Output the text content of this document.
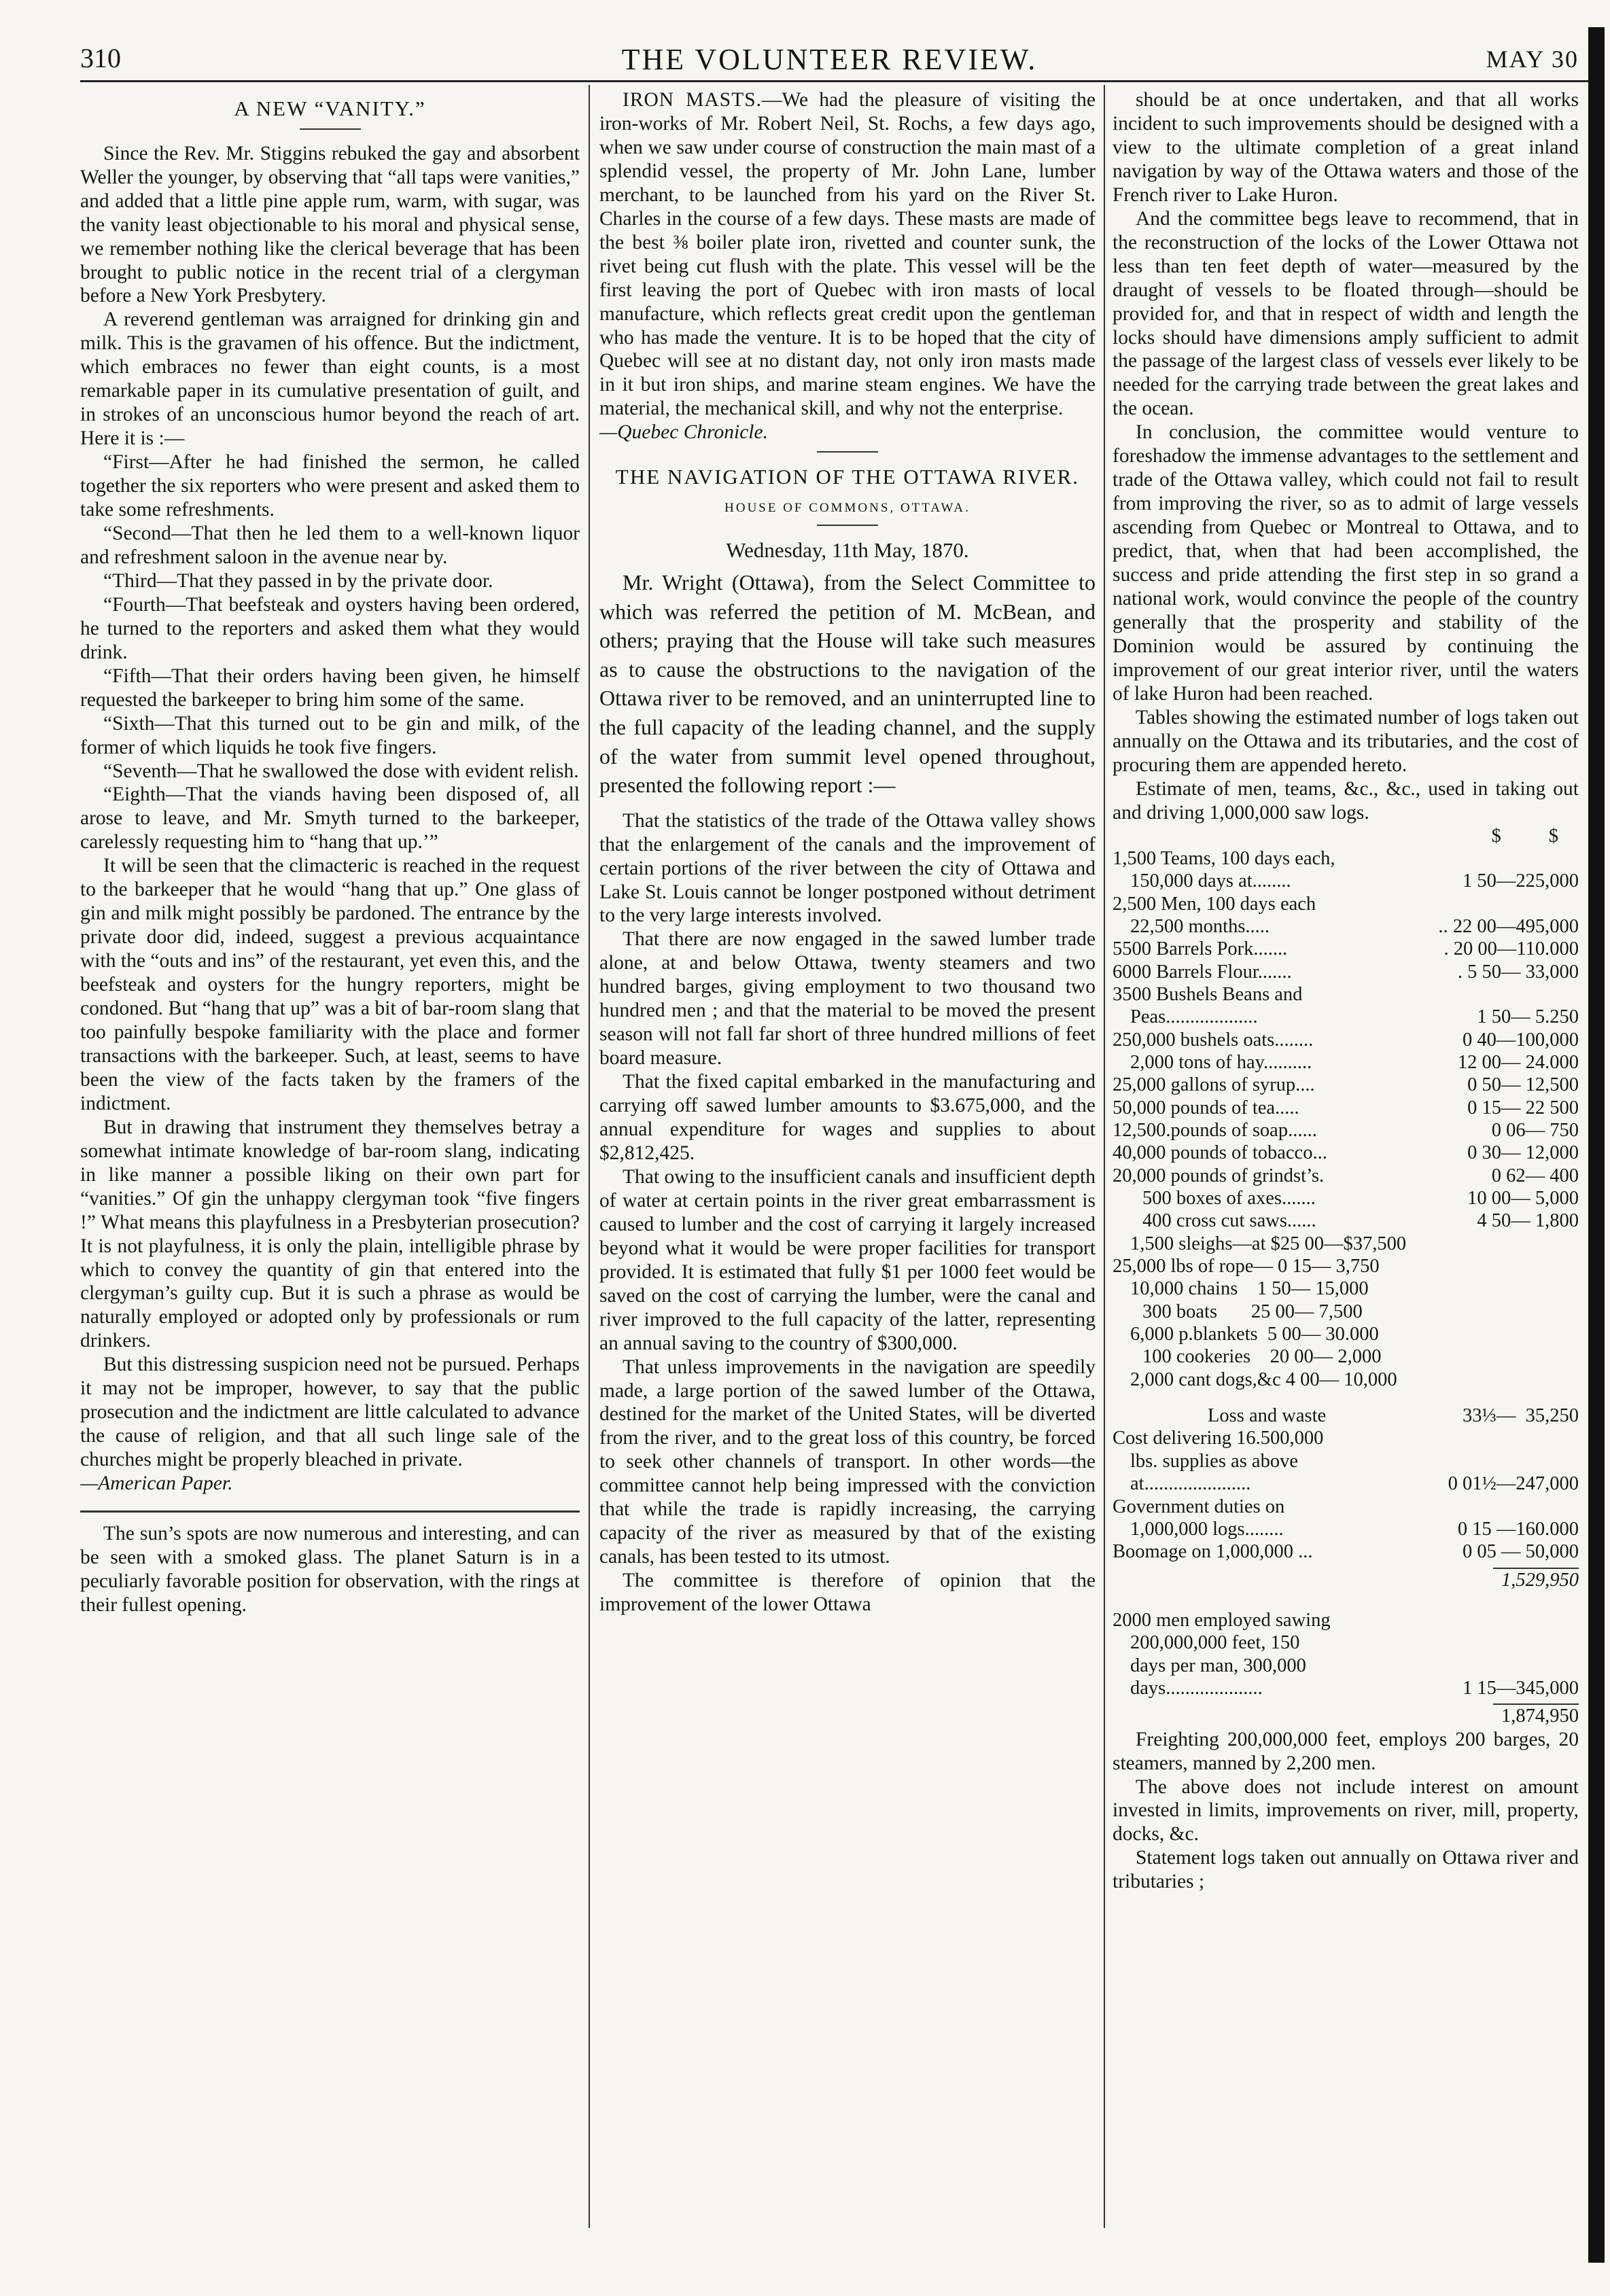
310	THE VOLUNTEER REVIEW.	MAY 30
A NEW “VANITY.”

Since the Rev. Mr. Stiggins rebuked the gay and absorbent Weller the younger, by observing that “all taps were vanities,” and added that a little pine apple rum, warm, with sugar, was the vanity least objectionable to his moral and physical sense, we remember nothing like the clerical beverage that has been brought to public notice in the recent trial of a clergyman before a New York Presbytery.

A reverend gentleman was arraigned for drinking gin and milk. This is the gravamen of his offence. But the indictment, which embraces no fewer than eight counts, is a most remarkable paper in its cumulative presentation of guilt, and in strokes of an unconscious humor beyond the reach of art. Here it is :—

“First—After he had finished the sermon, he called together the six reporters who were present and asked them to take some refreshments.

“Second—That then he led them to a well-known liquor and refreshment saloon in the avenue near by.

“Third—That they passed in by the private door.

“Fourth—That beefsteak and oysters having been ordered, he turned to the reporters and asked them what they would drink.

“Fifth—That their orders having been given, he himself requested the barkeeper to bring him some of the same.

“Sixth—That this turned out to be gin and milk, of the former of which liquids he took five fingers.

“Seventh—That he swallowed the dose with evident relish.

“Eighth—That the viands having been disposed of, all arose to leave, and Mr. Smyth turned to the barkeeper, carelessly requesting him to “hang that up.’”

It will be seen that the climacteric is reached in the request to the barkeeper that he would “hang that up.” One glass of gin and milk might possibly be pardoned. The entrance by the private door did, indeed, suggest a previous acquaintance with the “outs and ins” of the restaurant, yet even this, and the beefsteak and oysters for the hungry reporters, might be condoned. But “hang that up” was a bit of bar-room slang that too painfully bespoke familiarity with the place and former transactions with the barkeeper. Such, at least, seems to have been the view of the facts taken by the framers of the indictment.

But in drawing that instrument they themselves betray a somewhat intimate knowledge of bar-room slang, indicating in like manner a possible liking on their own part for “vanities.” Of gin the unhappy clergyman took “five fingers !” What means this playfulness in a Presbyterian prosecution? It is not playfulness, it is only the plain, intelligible phrase by which to convey the quantity of gin that entered into the clergyman’s guilty cup. But it is such a phrase as would be naturally employed or adopted only by professionals or rum drinkers.

But this distressing suspicion need not be pursued. Perhaps it may not be improper, however, to say that the public prosecution and the indictment are little calculated to advance the cause of religion, and that all such linge sale of the churches might be properly bleached in private.

—American Paper.

The sun’s spots are now numerous and interesting, and can be seen with a smoked glass. The planet Saturn is in a peculiarly favorable position for observation, with the rings at their fullest opening.

IRON MASTS.—We had the pleasure of visiting the iron-works of Mr. Robert Neil, St. Rochs, a few days ago, when we saw under course of construction the main mast of a splendid vessel, the property of Mr. John Lane, lumber merchant, to be launched from his yard on the River St. Charles in the course of a few days. These masts are made of the best ⅜ boiler plate iron, rivetted and counter sunk, the rivet being cut flush with the plate. This vessel will be the first leaving the port of Quebec with iron masts of local manufacture, which reflects great credit upon the gentleman who has made the venture. It is to be hoped that the city of Quebec will see at no distant day, not only iron masts made in it but iron ships, and marine steam engines. We have the material, the mechanical skill, and why not the enterprise.

—Quebec Chronicle.

THE NAVIGATION OF THE OTTAWA RIVER.
HOUSE OF COMMONS, OTTAWA.
Wednesday, 11th May, 1870.

Mr. Wright (Ottawa), from the Select Committee to which was referred the petition of M. McBean, and others; praying that the House will take such measures as to cause the obstructions to the navigation of the Ottawa river to be removed, and an uninterrupted line to the full capacity of the leading channel, and the supply of the water from summit level opened throughout, presented the following report :—

That the statistics of the trade of the Ottawa valley shows that the enlargement of the canals and the improvement of certain portions of the river between the city of Ottawa and Lake St. Louis cannot be longer postponed without detriment to the very large interests involved.

That there are now engaged in the sawed lumber trade alone, at and below Ottawa, twenty steamers and two hundred barges, giving employment to two thousand two hundred men ; and that the material to be moved the present season will not fall far short of three hundred millions of feet board measure.

That the fixed capital embarked in the manufacturing and carrying off sawed lumber amounts to $3.675,000, and the annual expenditure for wages and supplies to about $2,812,425.

That owing to the insufficient canals and insufficient depth of water at certain points in the river great embarrassment is caused to lumber and the cost of carrying it largely increased beyond what it would be were proper facilities for transport provided. It is estimated that fully $1 per 1000 feet would be saved on the cost of carrying the lumber, were the canal and river improved to the full capacity of the latter, representing an annual saving to the country of $300,000.

That unless improvements in the navigation are speedily made, a large portion of the sawed lumber of the Ottawa, destined for the market of the United States, will be diverted from the river, and to the great loss of this country, be forced to seek other channels of transport. In other words—the committee cannot help being impressed with the conviction that while the trade is rapidly increasing, the carrying capacity of the river as measured by that of the existing canals, has been tested to its utmost.

The committee is therefore of opinion that the improvement of the lower Ottawa

should be at once undertaken, and that all works incident to such improvements should be designed with a view to the ultimate completion of a great inland navigation by way of the Ottawa waters and those of the French river to Lake Huron.

And the committee begs leave to recommend, that in the reconstruction of the locks of the Lower Ottawa not less than ten feet depth of water—measured by the draught of vessels to be floated through—should be provided for, and that in respect of width and length the locks should have dimensions amply sufficient to admit the passage of the largest class of vessels ever likely to be needed for the carrying trade between the great lakes and the ocean.

In conclusion, the committee would venture to foreshadow the immense advantages to the settlement and trade of the Ottawa valley, which could not fail to result from improving the river, so as to admit of large vessels ascending from Quebec or Montreal to Ottawa, and to predict, that, when that had been accomplished, the success and pride attending the first step in so grand a national work, would convince the people of the country generally that the prosperity and stability of the Dominion would be assured by continuing the improvement of our great interior river, until the waters of lake Huron had been reached.

Tables showing the estimated number of logs taken out annually on the Ottawa and its tributaries, and the cost of procuring them are appended hereto.

Estimate of men, teams, &c., &c., used in taking out and driving 1,000,000 saw logs.

$ $
1,500 Teams, 100 days each,
150,000 days at........	1 50—225,000
2,500 Men, 100 days each
22,500 months.....	.. 22 00—495,000
5500 Barrels Pork.......	. 20 00—110.000
6000 Barrels Flour.......	. 5 50— 33,000
3500 Bushels Beans and
Peas...................	1 50— 5.250
250,000 bushels oats........	0 40—100,000
2,000 tons of hay..........	12 00— 24.000
25,000 gallons of syrup....	0 50— 12,500
50,000 pounds of tea.....	0 15— 22 500
12,500.pounds of soap......	0 06— 750
40,000 pounds of tobacco...	0 30— 12,000
20,000 pounds of grindst’s.	0 62— 400
500 boxes of axes.......	10 00— 5,000
400 cross cut saws......	4 50— 1,800
1,500 sleighs—at $25 00—$37,500
25,000 lbs of rope— 0 15— 3,750
10,000 chains    1 50— 15,000
300 boats       25 00— 7,500
6,000 p.blankets  5 00— 30.000
100 cookeries    20 00— 2,000
2,000 cant dogs,&c 4 00— 10,000
Loss and waste	33⅓—  35,250
Cost delivering 16.500,000
lbs. supplies as above
at......................	0 01½—247,000
Government duties on
1,000,000 logs........	0 15 —160.000
Boomage on 1,000,000 ...	0 05 — 50,000
1,529,950
2000 men employed sawing
200,000,000 feet, 150
days per man, 300,000
days....................	1 15—345,000
1,874,950

Freighting 200,000,000 feet, employs 200 barges, 20 steamers, manned by 2,200 men.

The above does not include interest on amount invested in limits, improvements on river, mill, property, docks, &c.

Statement logs taken out annually on Ottawa river and tributaries ;
